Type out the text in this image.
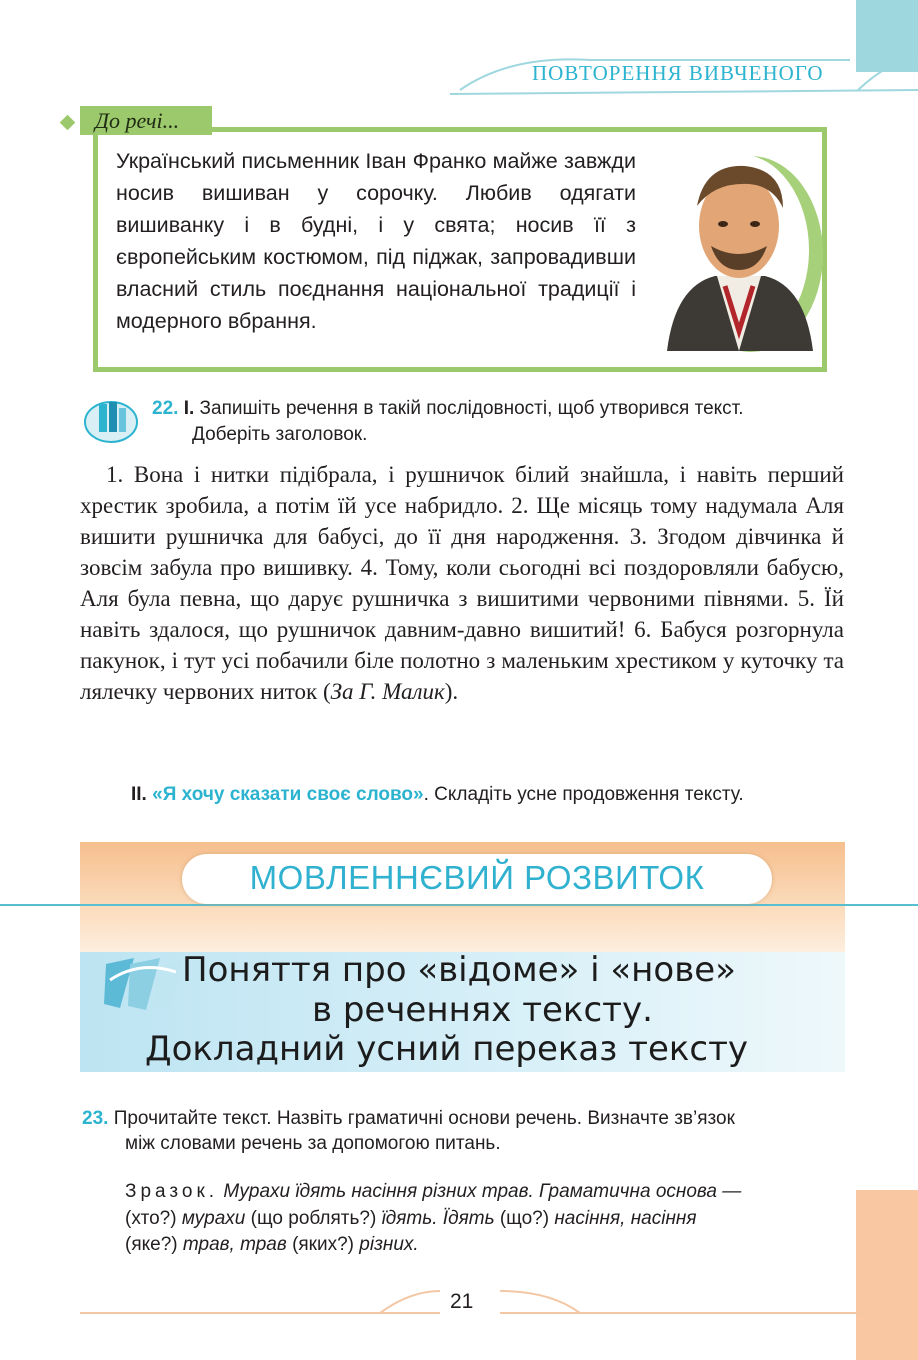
ПОВТОРЕННЯ ВИВЧЕНОГО
До речі...
Український письменник Іван Франко майже завжди носив вишиван у сорочку. Любив одягати вишиванку і в будні, і у свята; носив її з європейським костюмом, під піджак, запровадивши власний стиль поєднання національної традиції і модерного вбрання.
22. І. Запишіть речення в такій послідовності, щоб утворився текст.
Доберіть заголовок.
1. Вона і нитки підібрала, і рушничок білий знайшла, і навіть перший хрестик зробила, а потім їй усе набридло. 2. Ще місяць тому надумала Аля вишити рушничка для бабусі, до її дня народження. 3. Згодом дівчинка й зовсім забула про вишивку. 4. Тому, коли сьогодні всі поздоровляли бабусю, Аля була певна, що дарує рушничка з вишитими червоними півнями. 5. Їй навіть здалося, що рушничок давним-давно вишитий! 6. Бабуся розгорнула пакунок, і тут усі побачили біле полотно з маленьким хрестиком у куточку та лялечку червоних ниток (За Г. Малик).
ІІ. «Я хочу сказати своє слово». Складіть усне продовження тексту.
МОВЛЕННЄВИЙ РОЗВИТОК
Поняття про «відоме» і «нове»
в реченнях тексту.
Докладний усний переказ тексту
23. Прочитайте текст. Назвіть граматичні основи речень. Визначте зв’язок
між словами речень за допомогою питань.
Зразок. Мурахи їдять насіння різних трав. Граматична основа —
(хто?) мурахи (що роблять?) їдять. Їдять (що?) насіння, насіння
(яке?) трав, трав (яких?) різних.
21
